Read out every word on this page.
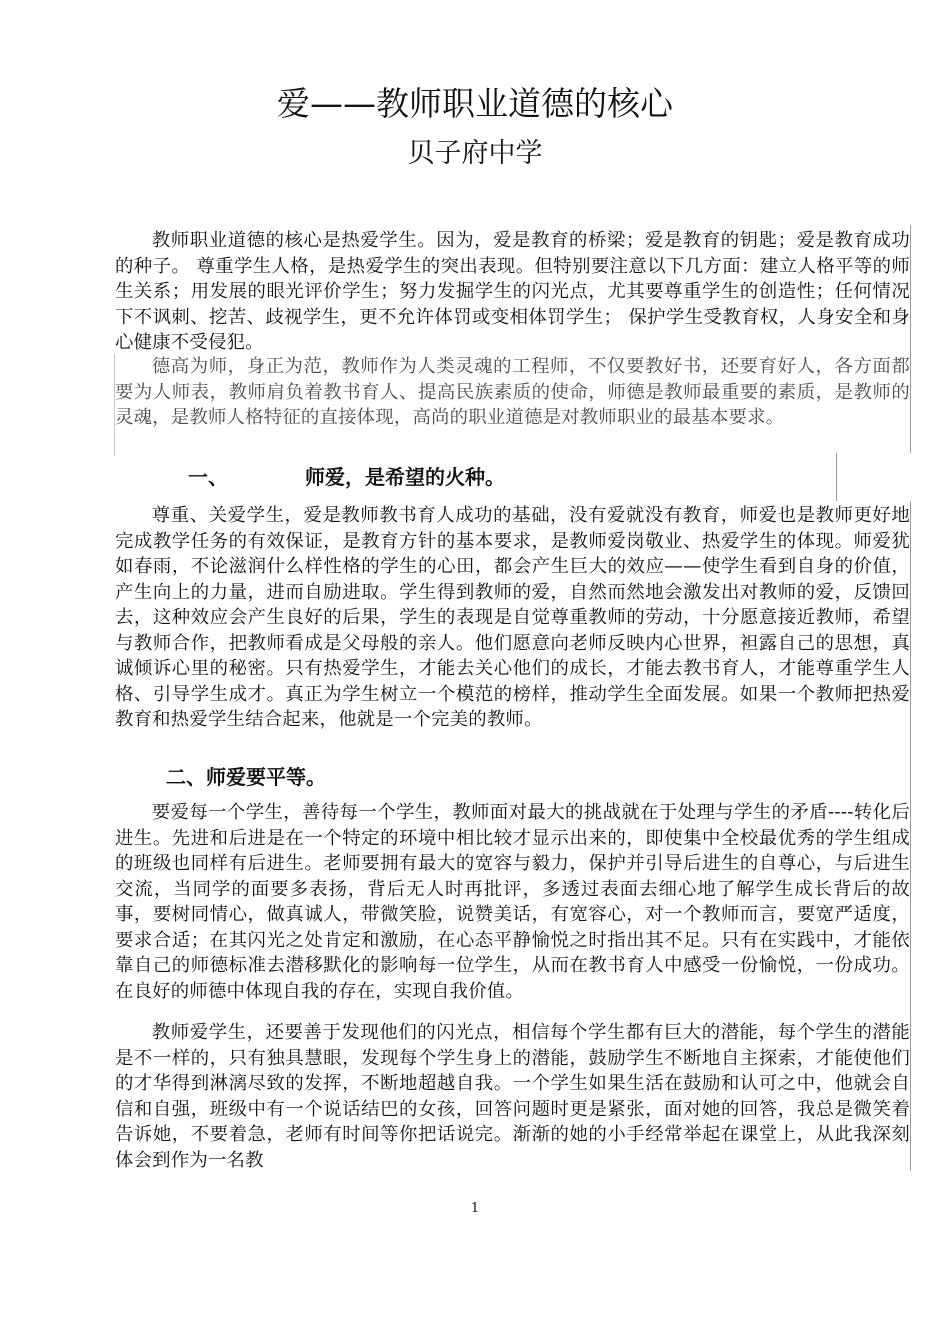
爱——教师职业道德的核心
贝子府中学

教师职业道德的核心是热爱学生。因为，爱是教育的桥梁；爱是教育的钥匙；爱是教育成功的种子。 尊重学生人格，是热爱学生的突出表现。但特别要注意以下几方面：建立人格平等的师生关系；用发展的眼光评价学生；努力发掘学生的闪光点，尤其要尊重学生的创造性；任何情况下不讽刺、挖苦、歧视学生，更不允许体罚或变相体罚学生； 保护学生受教育权，人身安全和身心健康不受侵犯。

德高为师，身正为范，教师作为人类灵魂的工程师，不仅要教好书，还要育好人，各方面都要为人师表，教师肩负着教书育人、提高民族素质的使命，师德是教师最重要的素质，是教师的灵魂，是教师人格特征的直接体现，高尚的职业道德是对教师职业的最基本要求。

一、	师爱，是希望的火种。

尊重、关爱学生，爱是教师教书育人成功的基础，没有爱就没有教育，师爱也是教师更好地完成教学任务的有效保证，是教育方针的基本要求，是教师爱岗敬业、热爱学生的体现。师爱犹如春雨，不论滋润什么样性格的学生的心田，都会产生巨大的效应——使学生看到自身的价值，产生向上的力量，进而自励进取。学生得到教师的爱，自然而然地会激发出对教师的爱，反馈回去，这种效应会产生良好的后果，学生的表现是自觉尊重教师的劳动，十分愿意接近教师，希望与教师合作，把教师看成是父母般的亲人。他们愿意向老师反映内心世界，袒露自己的思想，真诚倾诉心里的秘密。只有热爱学生，才能去关心他们的成长，才能去教书育人，才能尊重学生人格、引导学生成才。真正为学生树立一个模范的榜样，推动学生全面发展。如果一个教师把热爱教育和热爱学生结合起来，他就是一个完美的教师。

二、师爱要平等。

要爱每一个学生，善待每一个学生，教师面对最大的挑战就在于处理与学生的矛盾----转化后进生。先进和后进是在一个特定的环境中相比较才显示出来的，即使集中全校最优秀的学生组成的班级也同样有后进生。老师要拥有最大的宽容与毅力，保护并引导后进生的自尊心，与后进生交流，当同学的面要多表扬，背后无人时再批评，多透过表面去细心地了解学生成长背后的故事，要树同情心，做真诚人，带微笑脸，说赞美话，有宽容心，对一个教师而言，要宽严适度，要求合适；在其闪光之处肯定和激励，在心态平静愉悦之时指出其不足。只有在实践中，才能依靠自己的师德标准去潜移默化的影响每一位学生，从而在教书育人中感受一份愉悦，一份成功。在良好的师德中体现自我的存在，实现自我价值。

教师爱学生，还要善于发现他们的闪光点，相信每个学生都有巨大的潜能，每个学生的潜能是不一样的，只有独具慧眼，发现每个学生身上的潜能，鼓励学生不断地自主探索，才能使他们的才华得到淋漓尽致的发挥，不断地超越自我。一个学生如果生活在鼓励和认可之中，他就会自信和自强，班级中有一个说话结巴的女孩，回答问题时更是紧张，面对她的回答，我总是微笑着告诉她，不要着急，老师有时间等你把话说完。渐渐的她的小手经常举起在课堂上，从此我深刻体会到作为一名教

1
